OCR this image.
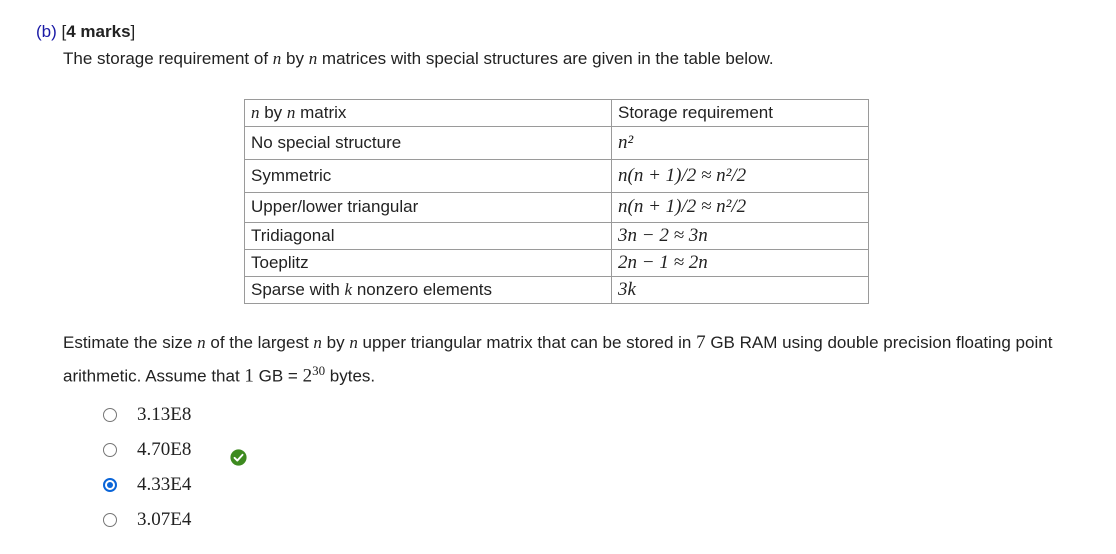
(b) [4 marks]
The storage requirement of n by n matrices with special structures are given in the table below.
n by n matrix	Storage requirement
No special structure	n²
Symmetric	n(n + 1)/2 ≈ n²/2
Upper/lower triangular	n(n + 1)/2 ≈ n²/2
Tridiagonal	3n − 2 ≈ 3n
Toeplitz	2n − 1 ≈ 2n
Sparse with k nonzero elements	3k
Estimate the size n of the largest n by n upper triangular matrix that can be stored in 7 GB RAM using double precision floating point arithmetic. Assume that 1 GB = $2^{30}$ bytes.
3.13E8
4.70E8
4.33E4
3.07E4
